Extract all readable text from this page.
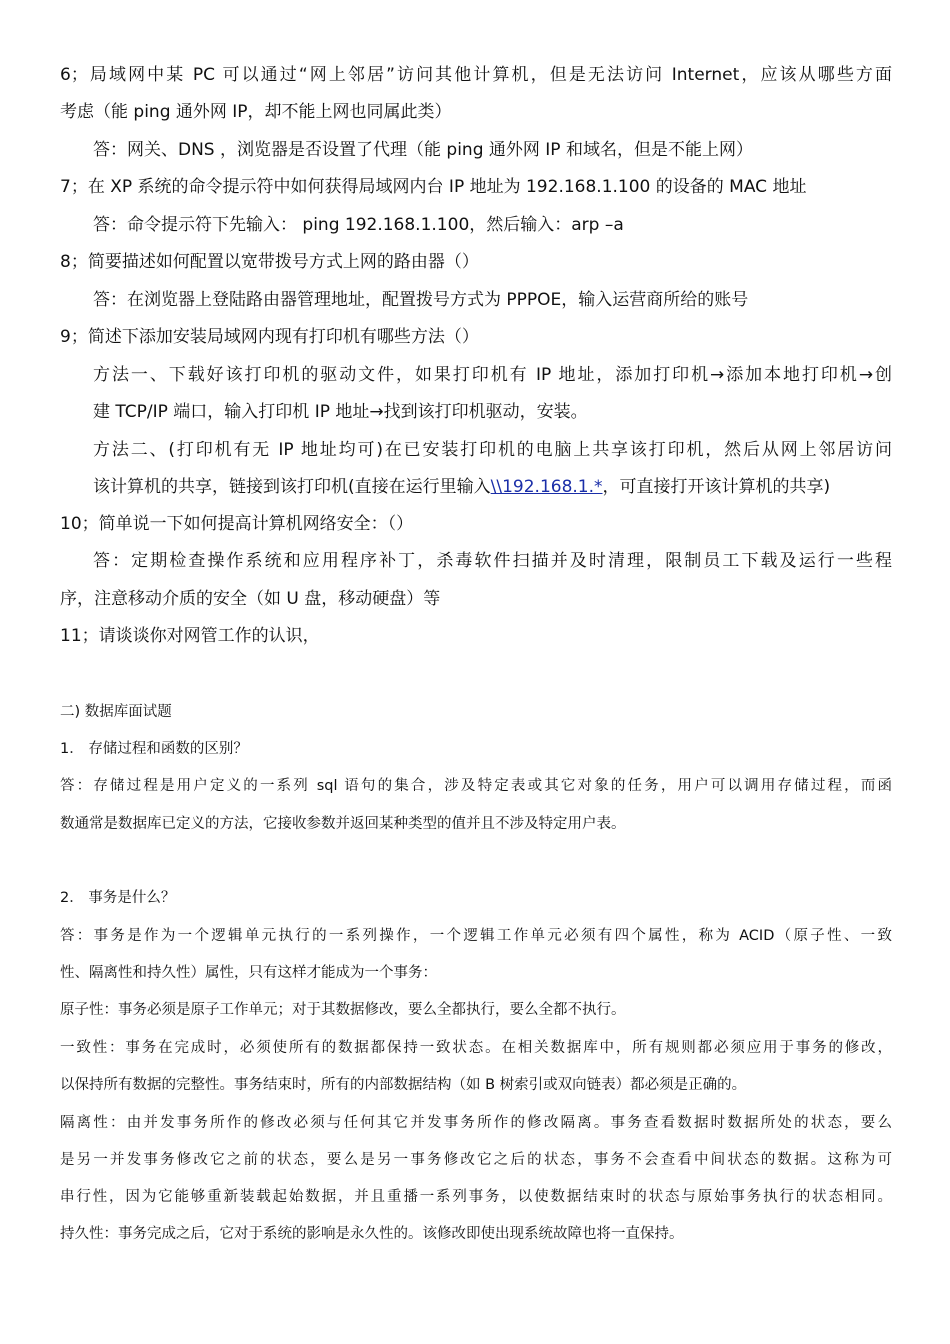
6；局域网中某 PC 可以通过“网上邻居”访问其他计算机，但是无法访问 Internet，应该从哪些方面
考虑（能 ping 通外网 IP，却不能上网也同属此类）
答：网关、DNS ，浏览器是否设置了代理（能 ping 通外网 IP 和域名，但是不能上网）
7；在 XP 系统的命令提示符中如何获得局域网内台 IP 地址为 192.168.1.100 的设备的 MAC 地址
答：命令提示符下先输入： ping 192.168.1.100，然后输入：arp –a
8；简要描述如何配置以宽带拨号方式上网的路由器（）
答：在浏览器上登陆路由器管理地址，配置拨号方式为 PPPOE，输入运营商所给的账号
9；简述下添加安装局域网内现有打印机有哪些方法（）
方法一、下载好该打印机的驱动文件，如果打印机有 IP 地址，添加打印机→添加本地打印机→创
建 TCP/IP 端口，输入打印机 IP 地址→找到该打印机驱动，安装。
方法二、(打印机有无 IP 地址均可)在已安装打印机的电脑上共享该打印机，然后从网上邻居访问
该计算机的共享，链接到该打印机(直接在运行里输入\\192.168.1.*，可直接打开该计算机的共享)
10；简单说一下如何提高计算机网络安全：（）
答：定期检查操作系统和应用程序补丁，杀毒软件扫描并及时清理，限制员工下载及运行一些程
序，注意移动介质的安全（如 U 盘，移动硬盘）等
11；请谈谈你对网管工作的认识，
二) 数据库面试题
1． 存储过程和函数的区别？
答：存储过程是用户定义的一系列 sql 语句的集合，涉及特定表或其它对象的任务，用户可以调用存储过程，而函
数通常是数据库已定义的方法，它接收参数并返回某种类型的值并且不涉及特定用户表。
2． 事务是什么？
答：事务是作为一个逻辑单元执行的一系列操作，一个逻辑工作单元必须有四个属性，称为 ACID（原子性、一致
性、隔离性和持久性）属性，只有这样才能成为一个事务：
原子性：事务必须是原子工作单元；对于其数据修改，要么全都执行，要么全都不执行。
一致性：事务在完成时，必须使所有的数据都保持一致状态。在相关数据库中，所有规则都必须应用于事务的修改，
以保持所有数据的完整性。事务结束时，所有的内部数据结构（如 B 树索引或双向链表）都必须是正确的。
隔离性：由并发事务所作的修改必须与任何其它并发事务所作的修改隔离。事务查看数据时数据所处的状态，要么
是另一并发事务修改它之前的状态，要么是另一事务修改它之后的状态，事务不会查看中间状态的数据。这称为可
串行性，因为它能够重新装载起始数据，并且重播一系列事务，以使数据结束时的状态与原始事务执行的状态相同。
持久性：事务完成之后，它对于系统的影响是永久性的。该修改即使出现系统故障也将一直保持。
